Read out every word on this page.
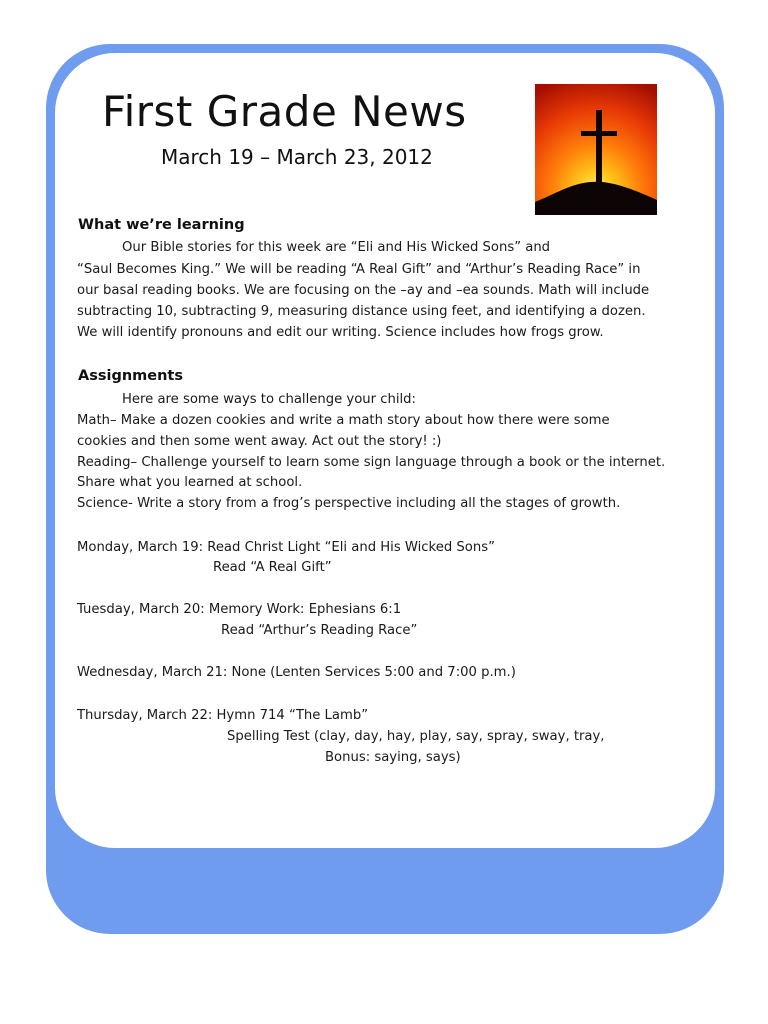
First Grade News
March 19 – March 23, 2012
What we’re learning
Our Bible stories for this week are “Eli and His Wicked Sons” and
“Saul Becomes King.” We will be reading “A Real Gift” and “Arthur’s Reading Race” in
our basal reading books. We are focusing on the –ay and –ea sounds. Math will include
subtracting 10, subtracting 9, measuring distance using feet, and identifying a dozen.
We will identify pronouns and edit our writing. Science includes how frogs grow.
Assignments
Here are some ways to challenge your child:
Math– Make a dozen cookies and write a math story about how there were some
cookies and then some went away. Act out the story! :)
Reading– Challenge yourself to learn some sign language through a book or the internet.
Share what you learned at school.
Science- Write a story from a frog’s perspective including all the stages of growth.
Monday, March 19: Read Christ Light “Eli and His Wicked Sons”
Read “A Real Gift”
Tuesday, March 20: Memory Work: Ephesians 6:1
Read “Arthur’s Reading Race”
Wednesday, March 21: None (Lenten Services 5:00 and 7:00 p.m.)
Thursday, March 22: Hymn 714 “The Lamb”
Spelling Test (clay, day, hay, play, say, spray, sway, tray,
Bonus: saying, says)
